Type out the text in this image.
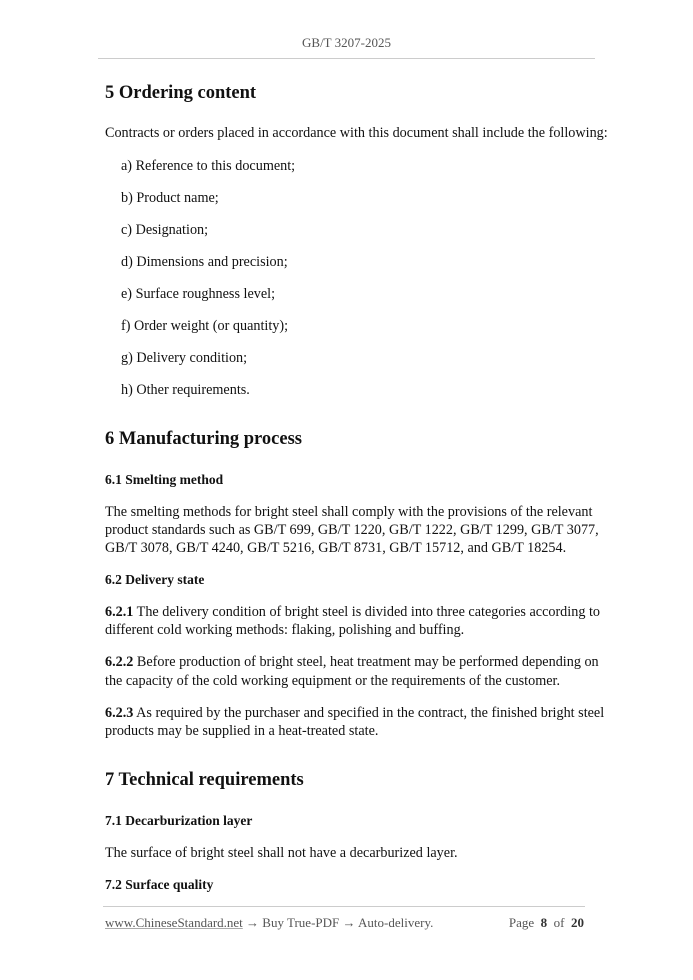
GB/T 3207-2025
5 Ordering content
Contracts or orders placed in accordance with this document shall include the following:
a) Reference to this document;
b) Product name;
c) Designation;
d) Dimensions and precision;
e) Surface roughness level;
f) Order weight (or quantity);
g) Delivery condition;
h) Other requirements.
6 Manufacturing process
6.1 Smelting method
The smelting methods for bright steel shall comply with the provisions of the relevant
product standards such as GB/T 699, GB/T 1220, GB/T 1222, GB/T 1299, GB/T 3077,
GB/T 3078, GB/T 4240, GB/T 5216, GB/T 8731, GB/T 15712, and GB/T 18254.
6.2 Delivery state
6.2.1 The delivery condition of bright steel is divided into three categories according to
different cold working methods: flaking, polishing and buffing.
6.2.2 Before production of bright steel, heat treatment may be performed depending on
the capacity of the cold working equipment or the requirements of the customer.
6.2.3 As required by the purchaser and specified in the contract, the finished bright steel
products may be supplied in a heat-treated state.
7 Technical requirements
7.1 Decarburization layer
The surface of bright steel shall not have a decarburized layer.
7.2 Surface quality
www.ChineseStandard.net → Buy True-PDF → Auto-delivery.	Page 8 of 20
